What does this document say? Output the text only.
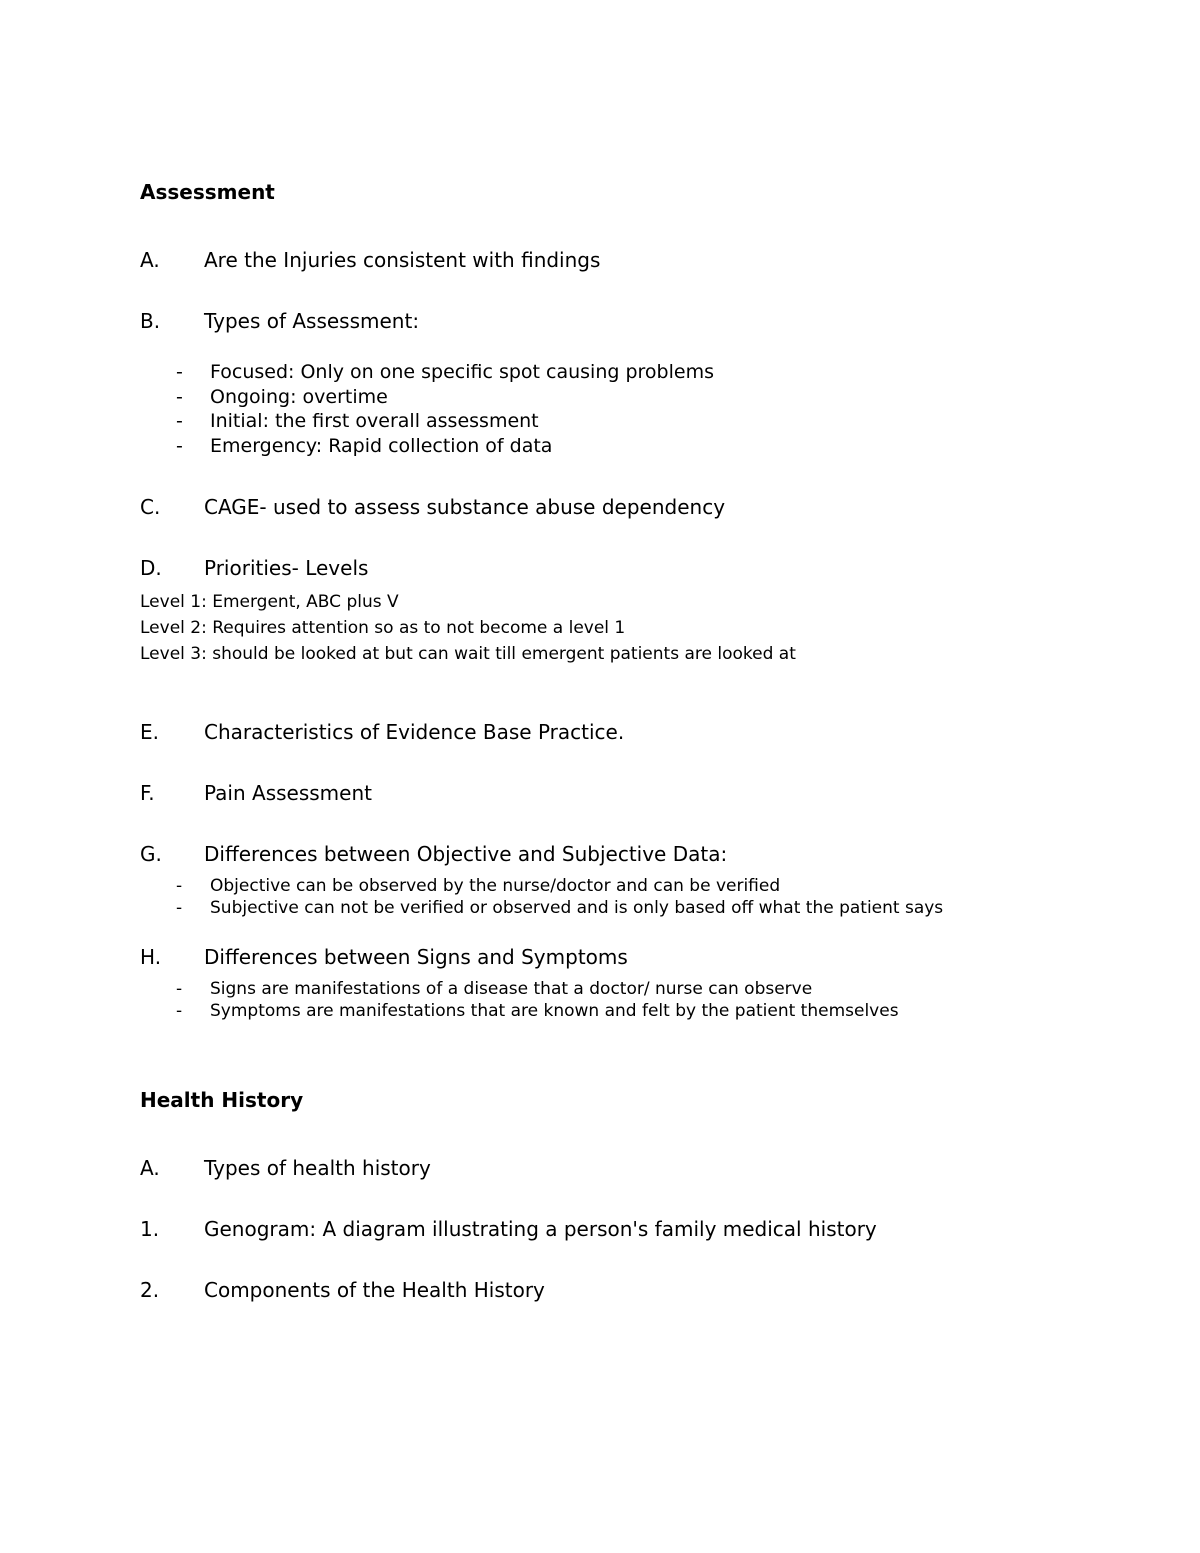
Assessment
A.	Are the Injuries consistent with findings
B.	Types of Assessment:
-	Focused: Only on one specific spot causing problems
-	Ongoing: overtime
-	Initial: the first overall assessment
-	Emergency: Rapid collection of data
C.	CAGE- used to assess substance abuse dependency
D.	Priorities- Levels

Level 1: Emergent, ABC plus V

Level 2: Requires attention so as to not become a level 1

Level 3: should be looked at but can wait till emergent patients are looked at

E.	Characteristics of Evidence Base Practice.
F.	Pain Assessment
G.	Differences between Objective and Subjective Data:
-	Objective can be observed by the nurse/doctor and can be verified
-	Subjective can not be verified or observed and is only based off what the patient says
H.	Differences between Signs and Symptoms
-	Signs are manifestations of a disease that a doctor/ nurse can observe
-	Symptoms are manifestations that are known and felt by the patient themselves
Health History
A.	Types of health history
1.	Genogram: A diagram illustrating a person's family medical history
2.	Components of the Health History
